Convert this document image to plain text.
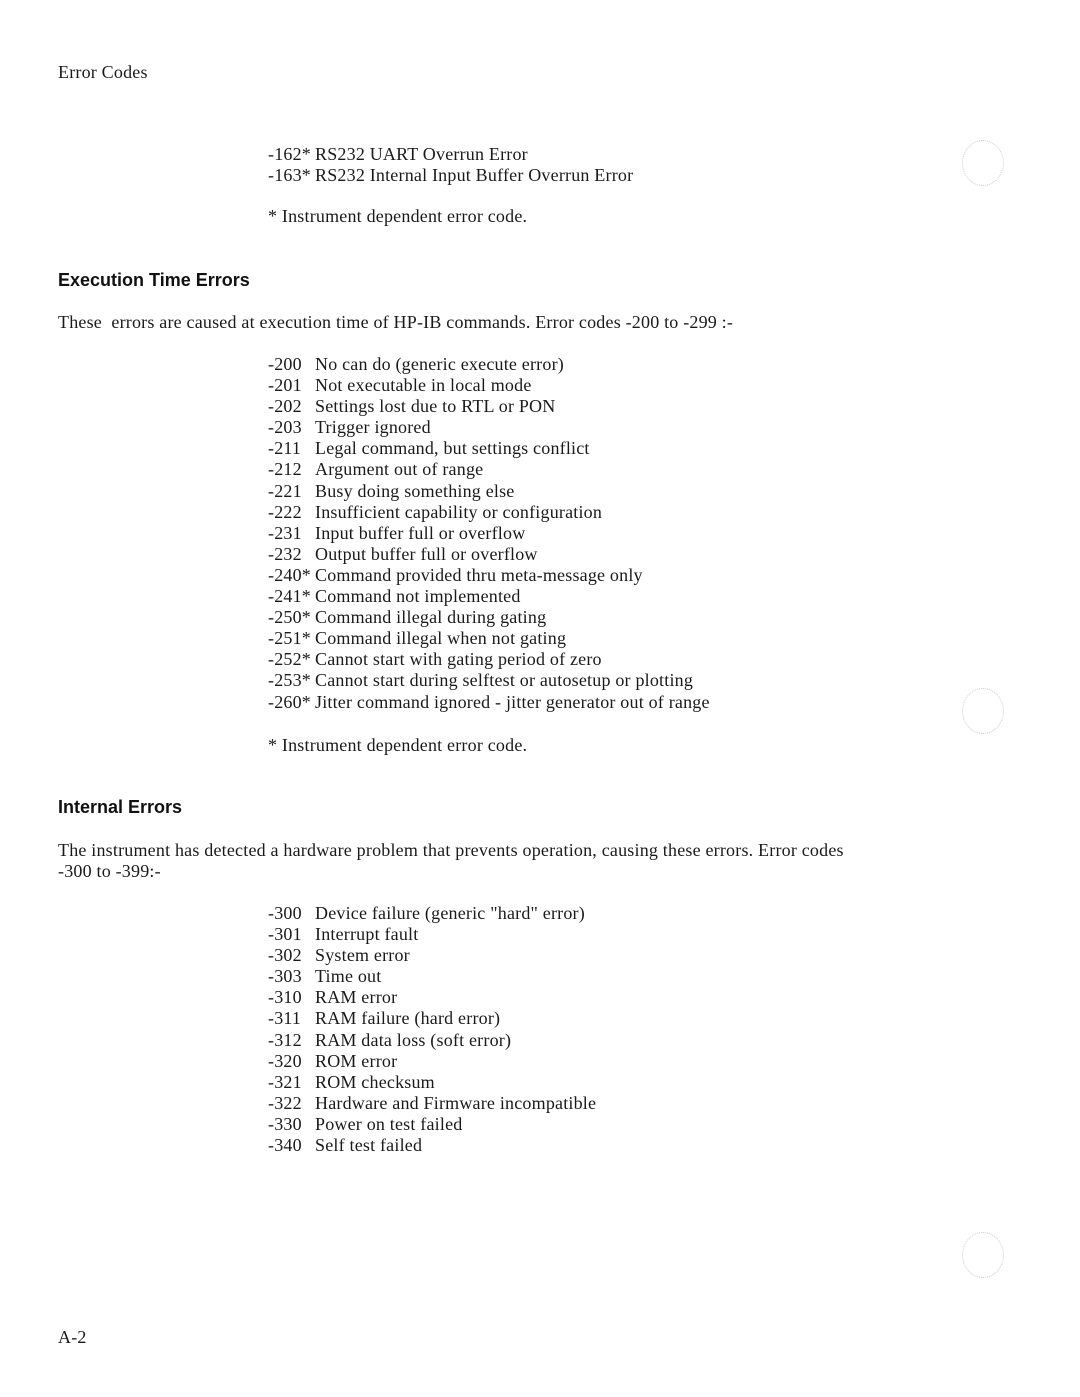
Error Codes
-162* RS232 UART Overrun Error
-163* RS232 Internal Input Buffer Overrun Error
* Instrument dependent error code.
Execution Time Errors
These  errors are caused at execution time of HP-IB commands. Error codes -200 to -299 :-
-200 No can do (generic execute error)
-201 Not executable in local mode
-202 Settings lost due to RTL or PON
-203 Trigger ignored
-211 Legal command, but settings conflict
-212 Argument out of range
-221 Busy doing something else
-222 Insufficient capability or configuration
-231 Input buffer full or overflow
-232 Output buffer full or overflow
-240* Command provided thru meta-message only
-241* Command not implemented
-250* Command illegal during gating
-251* Command illegal when not gating
-252* Cannot start with gating period of zero
-253* Cannot start during selftest or autosetup or plotting
-260* Jitter command ignored - jitter generator out of range
* Instrument dependent error code.
Internal Errors
The instrument has detected a hardware problem that prevents operation, causing these errors. Error codes
-300 to -399:-
-300 Device failure (generic "hard" error)
-301 Interrupt fault
-302 System error
-303 Time out
-310 RAM error
-311 RAM failure (hard error)
-312 RAM data loss (soft error)
-320 ROM error
-321 ROM checksum
-322 Hardware and Firmware incompatible
-330 Power on test failed
-340 Self test failed
A-2
